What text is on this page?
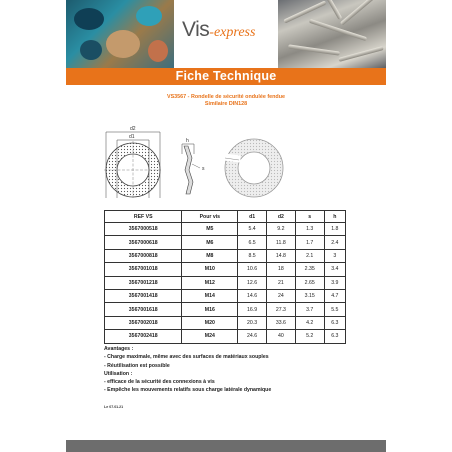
Vis-express
Fiche Technique
VS3567 - Rondelle de sécurité ondulée fendue
Similaire DIN128
d2
d1
h
s
REF VS	Pour vis	d1	d2	s	h
3567000518	M5	5.4	9.2	1.3	1.8
3567000618	M6	6.5	11.8	1.7	2.4
3567000818	M8	8.5	14.8	2.1	3
3567001018	M10	10.6	18	2.35	3.4
3567001218	M12	12.6	21	2.65	3.9
3567001418	M14	14.6	24	3.15	4.7
3567001618	M16	16.9	27.3	3.7	5.5
3567002018	M20	20.3	33.6	4.2	6.3
3567002418	M24	24.6	40	5.2	6.3
Avantages :
- Charge maximale, même avec des surfaces de matériaux souples
- Réutilisation est possible
Utilisation :
- efficace de la sécurité des connexions à vis
- Empêche les mouvements relatifs sous charge latérale dynamique
Le 07.01.21
